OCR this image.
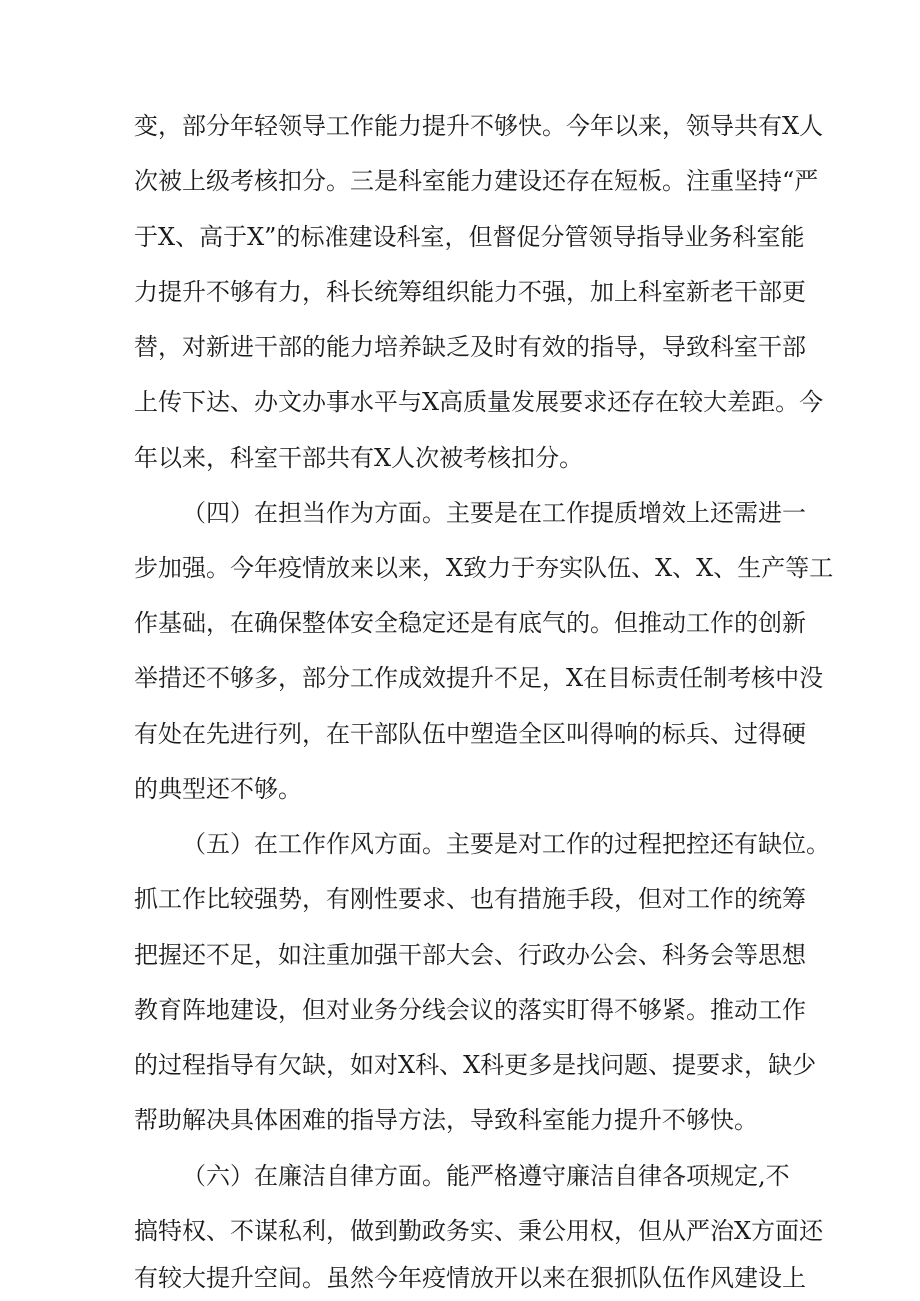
变，部分年轻领导工作能力提升不够快。今年以来，领导共有X人
次被上级考核扣分。三是科室能力建设还存在短板。注重坚持“严
于X、高于X”的标准建设科室，但督促分管领导指导业务科室能
力提升不够有力，科长统筹组织能力不强，加上科室新老干部更
替，对新进干部的能力培养缺乏及时有效的指导，导致科室干部
上传下达、办文办事水平与X高质量发展要求还存在较大差距。今
年以来，科室干部共有X人次被考核扣分。
（四）在担当作为方面。主要是在工作提质增效上还需进一
步加强。今年疫情放来以来，X致力于夯实队伍、X、X、生产等工
作基础，在确保整体安全稳定还是有底气的。但推动工作的创新
举措还不够多，部分工作成效提升不足，X在目标责任制考核中没
有处在先进行列，在干部队伍中塑造全区叫得响的标兵、过得硬
的典型还不够。
（五）在工作作风方面。主要是对工作的过程把控还有缺位。
抓工作比较强势，有刚性要求、也有措施手段，但对工作的统筹
把握还不足，如注重加强干部大会、行政办公会、科务会等思想
教育阵地建设，但对业务分线会议的落实盯得不够紧。推动工作
的过程指导有欠缺，如对X科、X科更多是找问题、提要求，缺少
帮助解决具体困难的指导方法，导致科室能力提升不够快。
（六）在廉洁自律方面。能严格遵守廉洁自律各项规定,不
搞特权、不谋私利，做到勤政务实、秉公用权，但从严治X方面还
有较大提升空间。虽然今年疫情放开以来在狠抓队伍作风建设上
